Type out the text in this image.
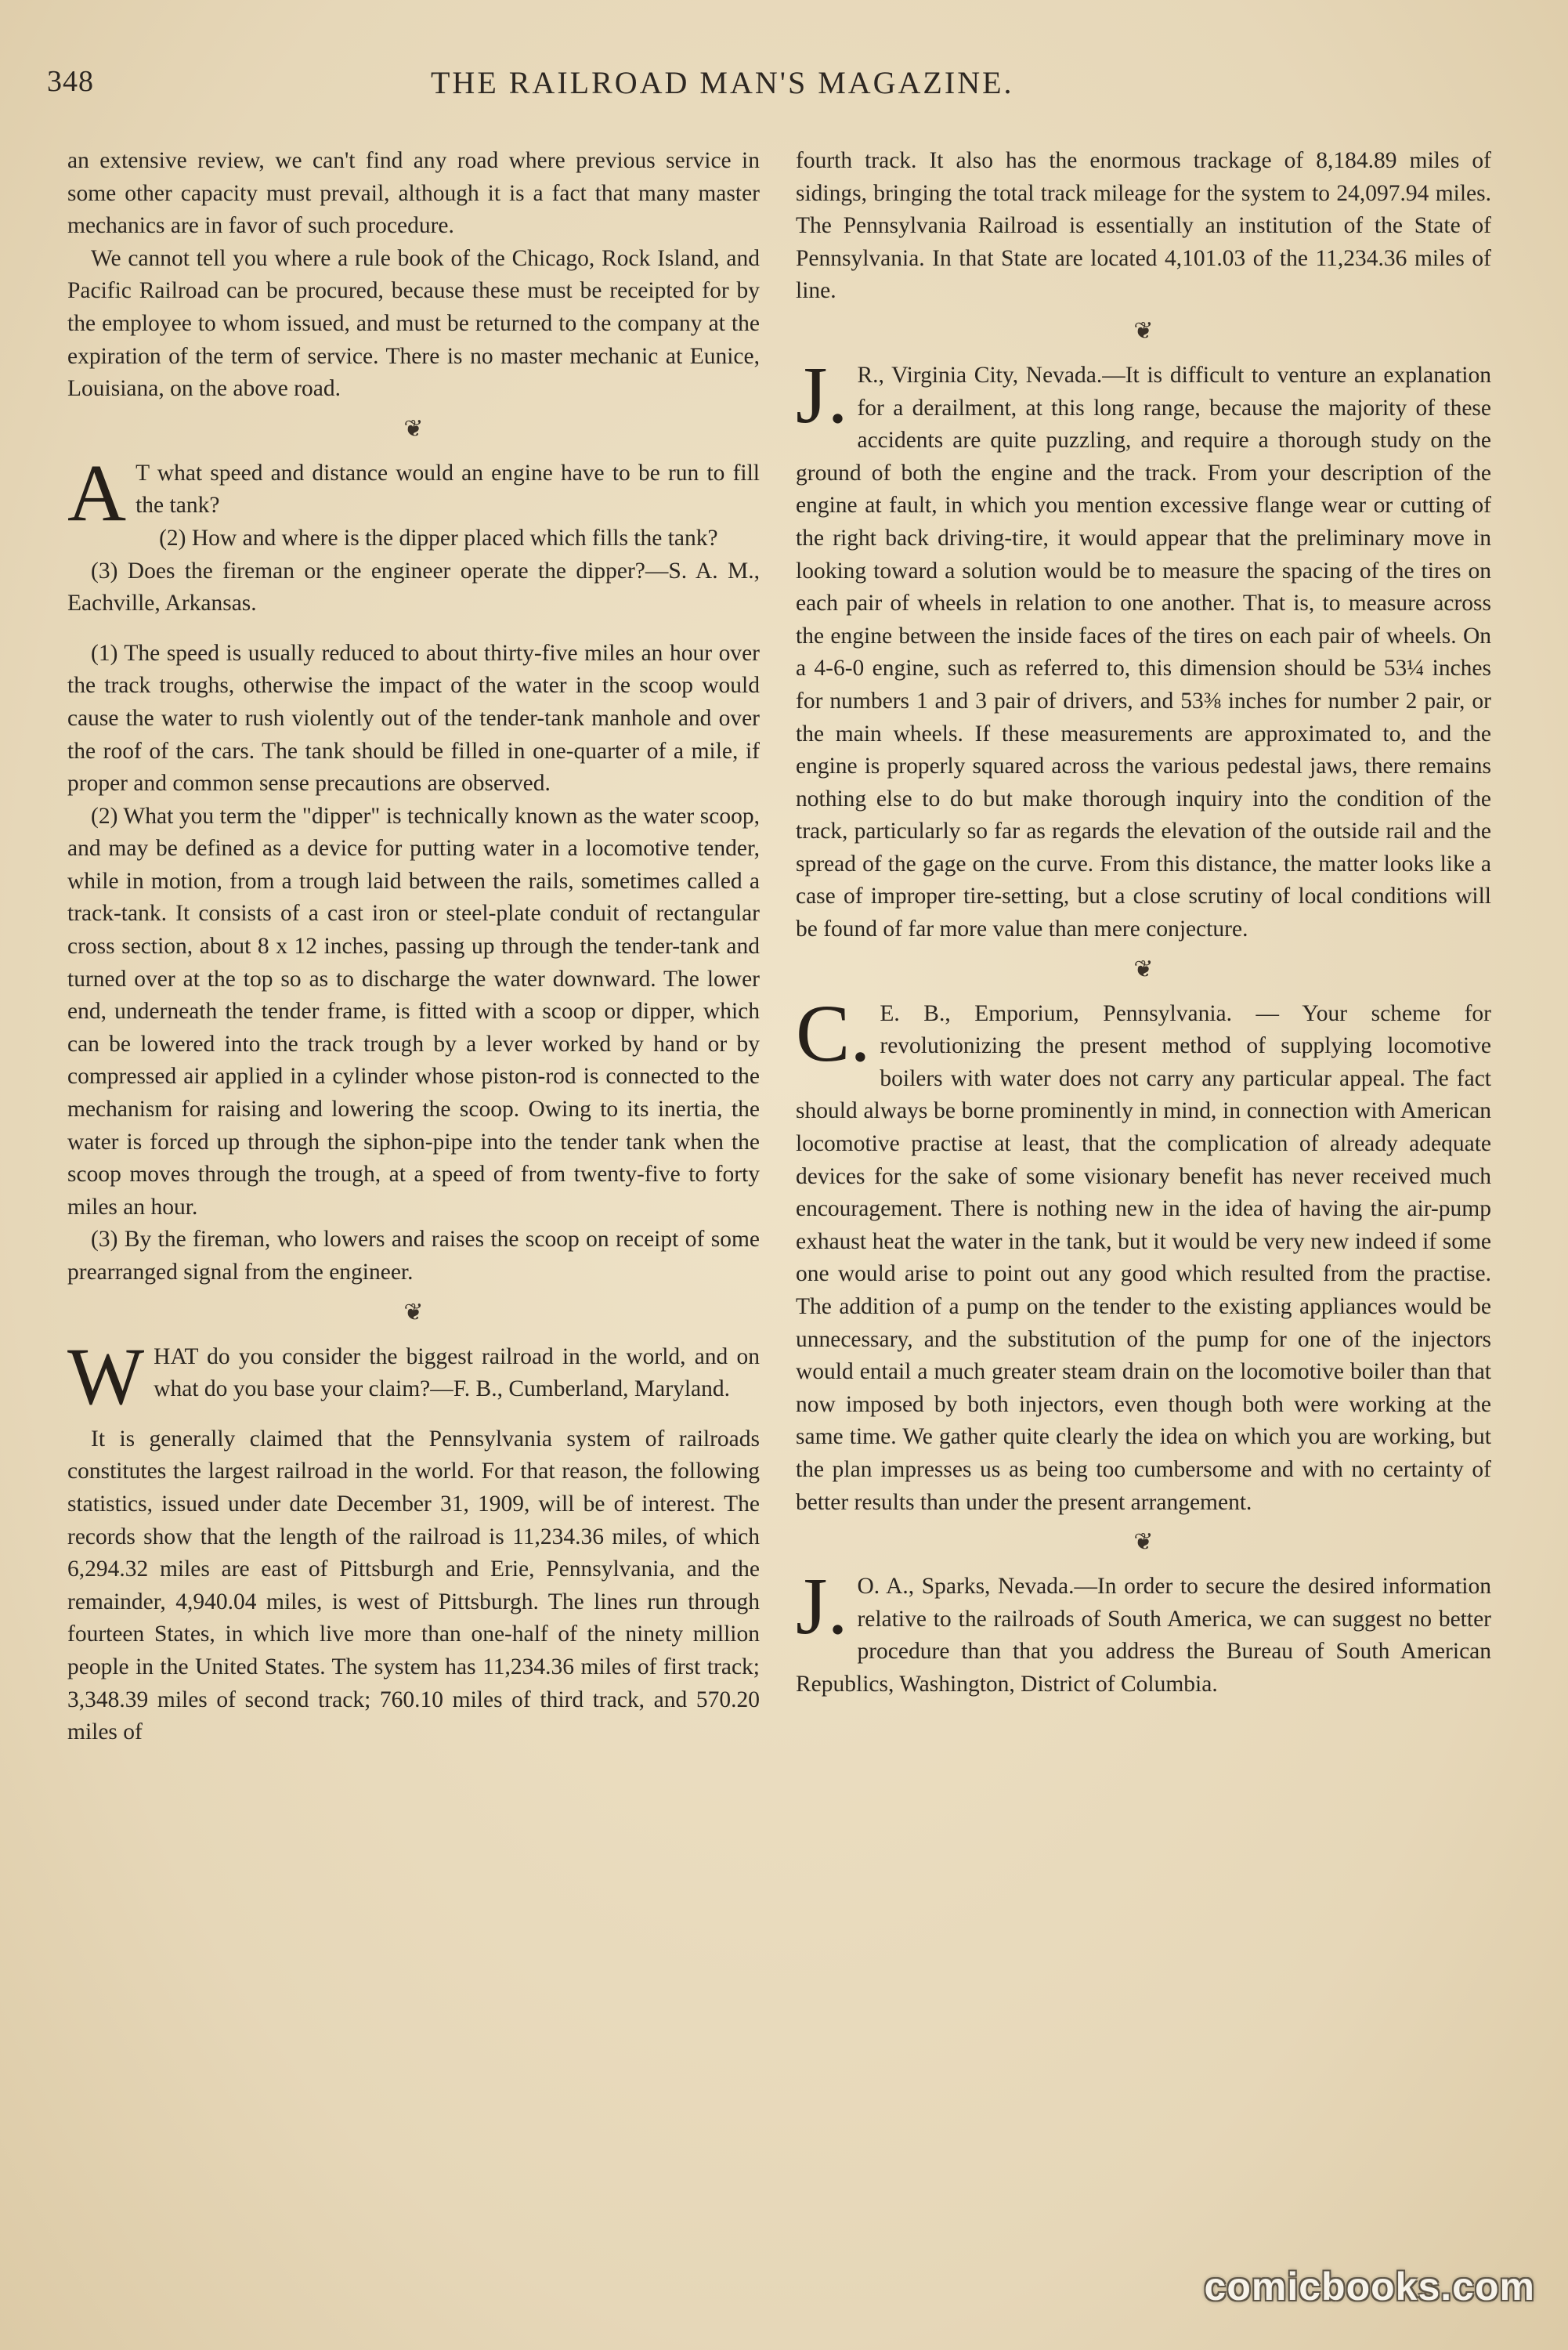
348	THE RAILROAD MAN'S MAGAZINE.

an extensive review, we can't find any road where previous service in some other capacity must prevail, although it is a fact that many master mechanics are in favor of such procedure.

We cannot tell you where a rule book of the Chicago, Rock Island, and Pacific Railroad can be procured, because these must be receipted for by the employee to whom issued, and must be returned to the company at the expiration of the term of service. There is no master mechanic at Eunice, Louisiana, on the above road.

❦
A T what speed and distance would an engine have to be run to fill the tank?

(2) How and where is the dipper placed which fills the tank?

(3) Does the fireman or the engineer operate the dipper?—S. A. M., Eachville, Arkansas.

(1) The speed is usually reduced to about thirty-five miles an hour over the track troughs, otherwise the impact of the water in the scoop would cause the water to rush violently out of the tender-tank manhole and over the roof of the cars. The tank should be filled in one-quarter of a mile, if proper and common sense precautions are observed.

(2) What you term the "dipper" is technically known as the water scoop, and may be defined as a device for putting water in a locomotive tender, while in motion, from a trough laid between the rails, sometimes called a track-tank. It consists of a cast iron or steel-plate conduit of rectangular cross section, about 8 x 12 inches, passing up through the tender-tank and turned over at the top so as to discharge the water downward. The lower end, underneath the tender frame, is fitted with a scoop or dipper, which can be lowered into the track trough by a lever worked by hand or by compressed air applied in a cylinder whose piston-rod is connected to the mechanism for raising and lowering the scoop. Owing to its inertia, the water is forced up through the siphon-pipe into the tender tank when the scoop moves through the trough, at a speed of from twenty-five to forty miles an hour.

(3) By the fireman, who lowers and raises the scoop on receipt of some prearranged signal from the engineer.

❦
W HAT do you consider the biggest railroad in the world, and on what do you base your claim?—F. B., Cumberland, Maryland.

It is generally claimed that the Pennsylvania system of railroads constitutes the largest railroad in the world. For that reason, the following statistics, issued under date December 31, 1909, will be of interest. The records show that the length of the railroad is 11,234.36 miles, of which 6,294.32 miles are east of Pittsburgh and Erie, Pennsylvania, and the remainder, 4,940.04 miles, is west of Pittsburgh. The lines run through fourteen States, in which live more than one-half of the ninety million people in the United States. The system has 11,234.36 miles of first track; 3,348.39 miles of second track; 760.10 miles of third track, and 570.20 miles of

fourth track. It also has the enormous trackage of 8,184.89 miles of sidings, bringing the total track mileage for the system to 24,097.94 miles. The Pennsylvania Railroad is essentially an institution of the State of Pennsylvania. In that State are located 4,101.03 of the 11,234.36 miles of line.

❦
J. R., Virginia City, Nevada.—It is difficult to venture an explanation for a derailment, at this long range, because the majority of these accidents are quite puzzling, and require a thorough study on the ground of both the engine and the track. From your description of the engine at fault, in which you mention excessive flange wear or cutting of the right back driving-tire, it would appear that the preliminary move in looking toward a solution would be to measure the spacing of the tires on each pair of wheels in relation to one another. That is, to measure across the engine between the inside faces of the tires on each pair of wheels. On a 4-6-0 engine, such as referred to, this dimension should be 53¼ inches for numbers 1 and 3 pair of drivers, and 53⅜ inches for number 2 pair, or the main wheels. If these measurements are approximated to, and the engine is properly squared across the various pedestal jaws, there remains nothing else to do but make thorough inquiry into the condition of the track, particularly so far as regards the elevation of the outside rail and the spread of the gage on the curve. From this distance, the matter looks like a case of improper tire-setting, but a close scrutiny of local conditions will be found of far more value than mere conjecture.

❦
C. E. B., Emporium, Pennsylvania. — Your scheme for revolutionizing the present method of supplying locomotive boilers with water does not carry any particular appeal. The fact should always be borne prominently in mind, in connection with American locomotive practise at least, that the complication of already adequate devices for the sake of some visionary benefit has never received much encouragement. There is nothing new in the idea of having the air-pump exhaust heat the water in the tank, but it would be very new indeed if some one would arise to point out any good which resulted from the practise. The addition of a pump on the tender to the existing appliances would be unnecessary, and the substitution of the pump for one of the injectors would entail a much greater steam drain on the locomotive boiler than that now imposed by both injectors, even though both were working at the same time. We gather quite clearly the idea on which you are working, but the plan impresses us as being too cumbersome and with no certainty of better results than under the present arrangement.

❦
J. O. A., Sparks, Nevada.—In order to secure the desired information relative to the railroads of South America, we can suggest no better procedure than that you address the Bureau of South American Republics, Washington, District of Columbia.

comicbooks.com
